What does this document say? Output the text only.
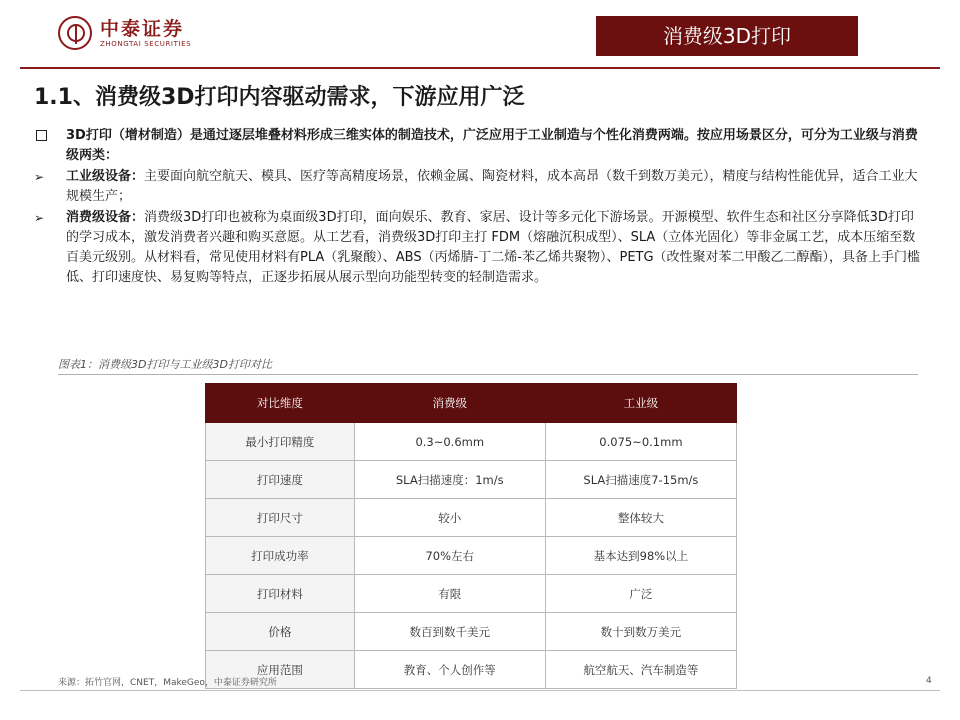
中泰证券
ZHONGTAI SECURITIES	消费级3D打印
1.1、消费级3D打印内容驱动需求，下游应用广泛
3D打印（增材制造）是通过逐层堆叠材料形成三维实体的制造技术，广泛应用于工业制造与个性化消费两端。按应用场景区分，可分为工业级与消费级两类：
➢ 工业级设备：主要面向航空航天、模具、医疗等高精度场景，依赖金属、陶瓷材料，成本高昂（数千到数万美元），精度与结构性能优异，适合工业大规模生产；
➢ 消费级设备：消费级3D打印也被称为桌面级3D打印，面向娱乐、教育、家居、设计等多元化下游场景。开源模型、软件生态和社区分享降低3D打印的学习成本，激发消费者兴趣和购买意愿。从工艺看，消费级3D打印主打 FDM（熔融沉积成型）、SLA（立体光固化）等非金属工艺，成本压缩至数百美元级别。从材料看，常见使用材料有PLA（乳聚酸）、ABS（丙烯腈-丁二烯-苯乙烯共聚物）、PETG（改性聚对苯二甲酸乙二醇酯），具备上手门槛低、打印速度快、易复购等特点，正逐步拓展从展示型向功能型转变的轻制造需求。
图表1：消费级3D打印与工业级3D打印对比
对比维度	消费级	工业级
最小打印精度	0.3~0.6mm	0.075~0.1mm
打印速度	SLA扫描速度：1m/s	SLA扫描速度7-15m/s
打印尺寸	较小	整体较大
打印成功率	70%左右	基本达到98%以上
打印材料	有限	广泛
价格	数百到数千美元	数十到数万美元
应用范围	教育、个人创作等	航空航天、汽车制造等
来源：拓竹官网，CNET，MakeGeo，中泰证券研究所	4
